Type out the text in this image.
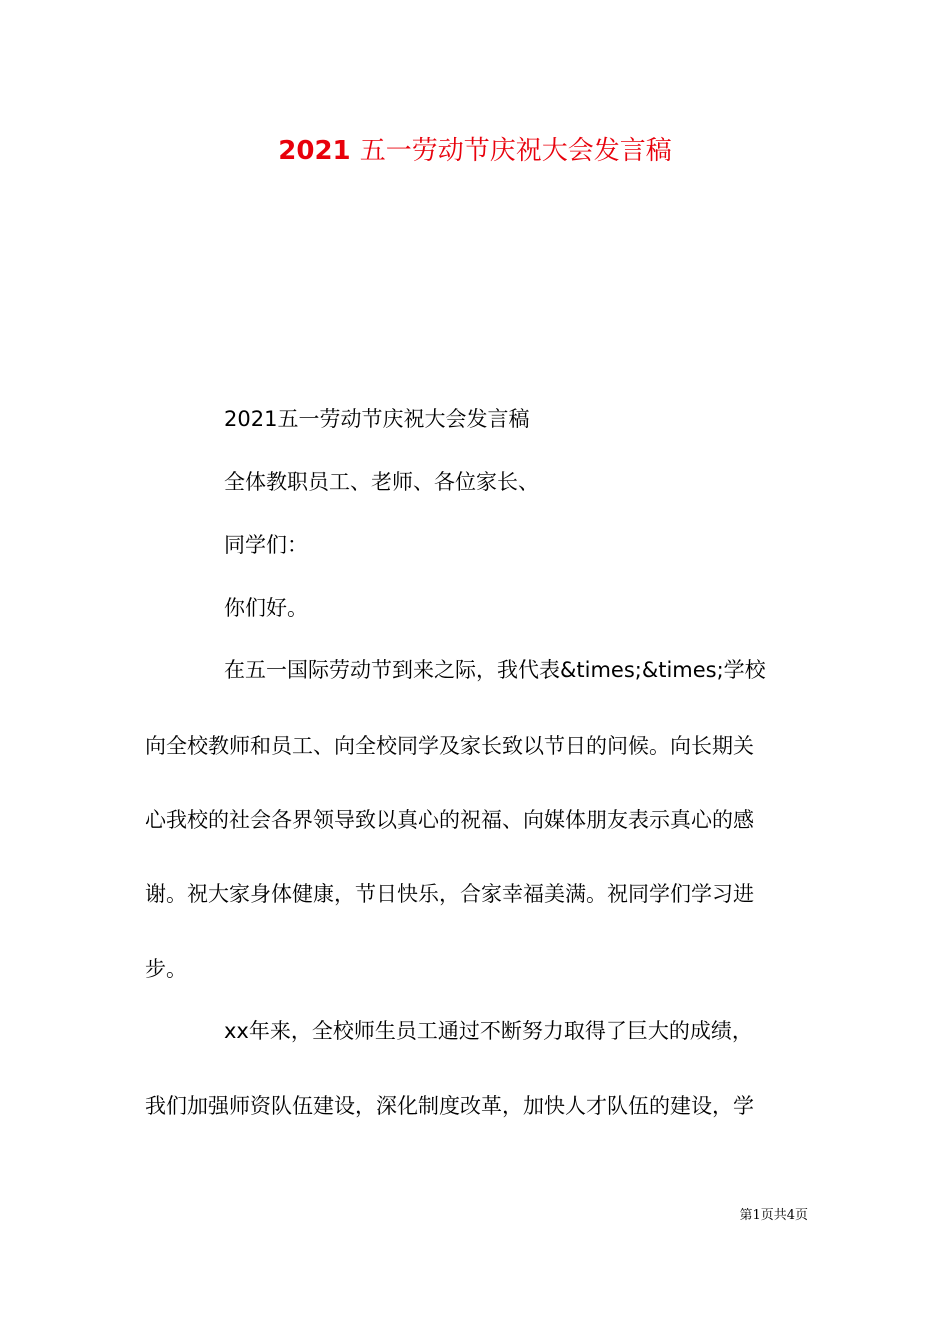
2021 五一劳动节庆祝大会发言稿
2021五一劳动节庆祝大会发言稿
全体教职员工、老师、各位家长、
同学们：
你们好。
在五一国际劳动节到来之际，我代表&times;&times;学校
向全校教师和员工、向全校同学及家长致以节日的问候。向长期关
心我校的社会各界领导致以真心的祝福、向媒体朋友表示真心的感
谢。祝大家身体健康，节日快乐，合家幸福美满。祝同学们学习进
步。
xx年来，全校师生员工通过不断努力取得了巨大的成绩，
我们加强师资队伍建设，深化制度改革，加快人才队伍的建设，学
第1页共4页
